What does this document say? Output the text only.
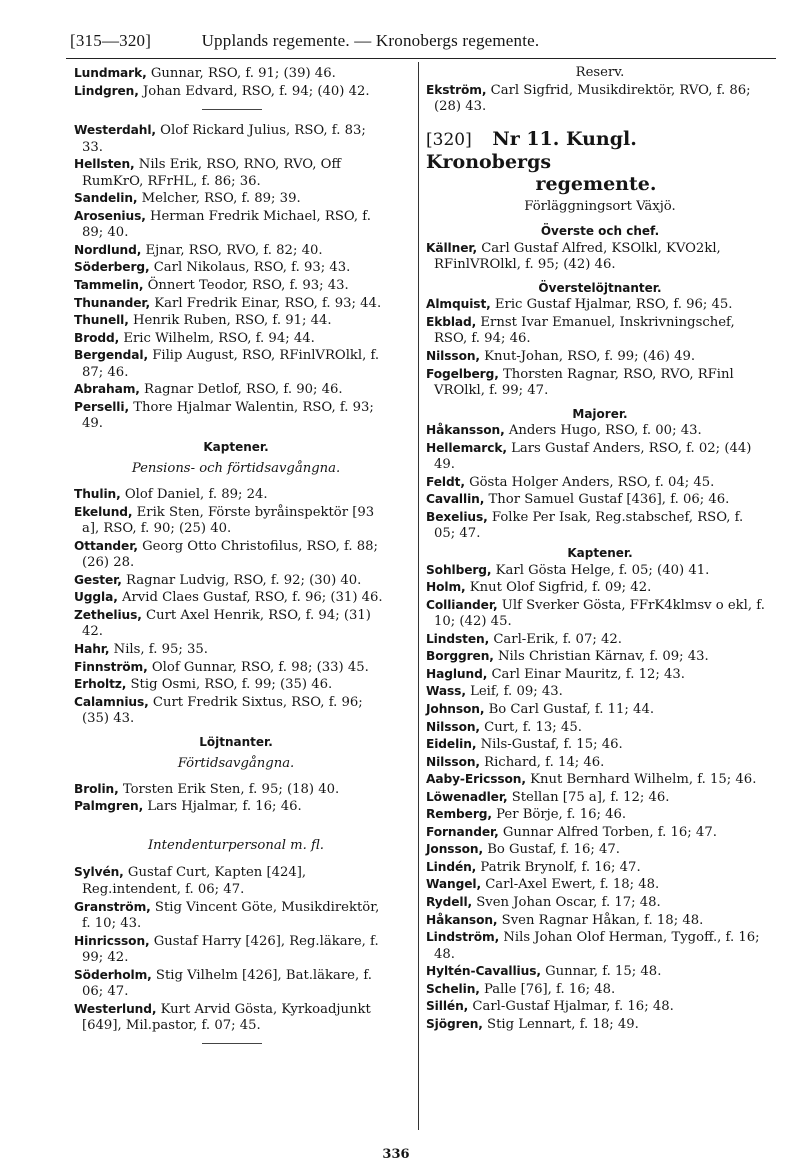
[315—320]	Upplands regemente. — Kronobergs regemente.
Lundmark, Gunnar, RSO, f. 91; (39) 46.
Lindgren, Johan Edvard, RSO, f. 94; (40) 42.
Westerdahl, Olof Rickard Julius, RSO, f. 83; 33.
Hellsten, Nils Erik, RSO, RNO, RVO, Off RumKrO, RFrHL, f. 86; 36.
Sandelin, Melcher, RSO, f. 89; 39.
Arosenius, Herman Fredrik Michael, RSO, f. 89; 40.
Nordlund, Ejnar, RSO, RVO, f. 82; 40.
Söderberg, Carl Nikolaus, RSO, f. 93; 43.
Tammelin, Önnert Teodor, RSO, f. 93; 43.
Thunander, Karl Fredrik Einar, RSO, f. 93; 44.
Thunell, Henrik Ruben, RSO, f. 91; 44.
Brodd, Eric Wilhelm, RSO, f. 94; 44.
Bergendal, Filip August, RSO, RFinlVROlkl, f. 87; 46.
Abraham, Ragnar Detlof, RSO, f. 90; 46.
Perselli, Thore Hjalmar Walentin, RSO, f. 93; 49.
Kaptener.
Pensions- och förtidsavgångna.
Thulin, Olof Daniel, f. 89; 24.
Ekelund, Erik Sten, Förste byråinspektör [93 a], RSO, f. 90; (25) 40.
Ottander, Georg Otto Christofilus, RSO, f. 88; (26) 28.
Gester, Ragnar Ludvig, RSO, f. 92; (30) 40.
Uggla, Arvid Claes Gustaf, RSO, f. 96; (31) 46.
Zethelius, Curt Axel Henrik, RSO, f. 94; (31) 42.
Hahr, Nils, f. 95; 35.
Finnström, Olof Gunnar, RSO, f. 98; (33) 45.
Erholtz, Stig Osmi, RSO, f. 99; (35) 46.
Calamnius, Curt Fredrik Sixtus, RSO, f. 96; (35) 43.
Löjtnanter.
Förtidsavgångna.
Brolin, Torsten Erik Sten, f. 95; (18) 40.
Palmgren, Lars Hjalmar, f. 16; 46.
Intendenturpersonal m. fl.
Sylvén, Gustaf Curt, Kapten [424], Reg.intendent, f. 06; 47.
Granström, Stig Vincent Göte, Musikdirektör, f. 10; 43.
Hinricsson, Gustaf Harry [426], Reg.läkare, f. 99; 42.
Söderholm, Stig Vilhelm [426], Bat.läkare, f. 06; 47.
Westerlund, Kurt Arvid Gösta, Kyrkoadjunkt [649], Mil.pastor, f. 07; 45.
Reserv.
Ekström, Carl Sigfrid, Musikdirektör, RVO, f. 86; (28) 43.
[320] Nr 11. Kungl. Kronobergs
regemente.
Förläggningsort Växjö.
Överste och chef.
Källner, Carl Gustaf Alfred, KSOlkl, KVO2kl, RFinlVROlkl, f. 95; (42) 46.
Överstelöjtnanter.
Almquist, Eric Gustaf Hjalmar, RSO, f. 96; 45.
Ekblad, Ernst Ivar Emanuel, Inskrivningschef, RSO, f. 94; 46.
Nilsson, Knut-Johan, RSO, f. 99; (46) 49.
Fogelberg, Thorsten Ragnar, RSO, RVO, RFinl VROlkl, f. 99; 47.
Majorer.
Håkansson, Anders Hugo, RSO, f. 00; 43.
Hellemarck, Lars Gustaf Anders, RSO, f. 02; (44) 49.
Feldt, Gösta Holger Anders, RSO, f. 04; 45.
Cavallin, Thor Samuel Gustaf [436], f. 06; 46.
Bexelius, Folke Per Isak, Reg.stabschef, RSO, f. 05; 47.
Kaptener.
Sohlberg, Karl Gösta Helge, f. 05; (40) 41.
Holm, Knut Olof Sigfrid, f. 09; 42.
Colliander, Ulf Sverker Gösta, FFrK4klmsv o ekl, f. 10; (42) 45.
Lindsten, Carl-Erik, f. 07; 42.
Borggren, Nils Christian Kärnav, f. 09; 43.
Haglund, Carl Einar Mauritz, f. 12; 43.
Wass, Leif, f. 09; 43.
Johnson, Bo Carl Gustaf, f. 11; 44.
Nilsson, Curt, f. 13; 45.
Eidelin, Nils-Gustaf, f. 15; 46.
Nilsson, Richard, f. 14; 46.
Aaby-Ericsson, Knut Bernhard Wilhelm, f. 15; 46.
Löwenadler, Stellan [75 a], f. 12; 46.
Remberg, Per Börje, f. 16; 46.
Fornander, Gunnar Alfred Torben, f. 16; 47.
Jonsson, Bo Gustaf, f. 16; 47.
Lindén, Patrik Brynolf, f. 16; 47.
Wangel, Carl-Axel Ewert, f. 18; 48.
Rydell, Sven Johan Oscar, f. 17; 48.
Håkanson, Sven Ragnar Håkan, f. 18; 48.
Lindström, Nils Johan Olof Herman, Tygoff., f. 16; 48.
Hyltén-Cavallius, Gunnar, f. 15; 48.
Schelin, Palle [76], f. 16; 48.
Sillén, Carl-Gustaf Hjalmar, f. 16; 48.
Sjögren, Stig Lennart, f. 18; 49.
336
